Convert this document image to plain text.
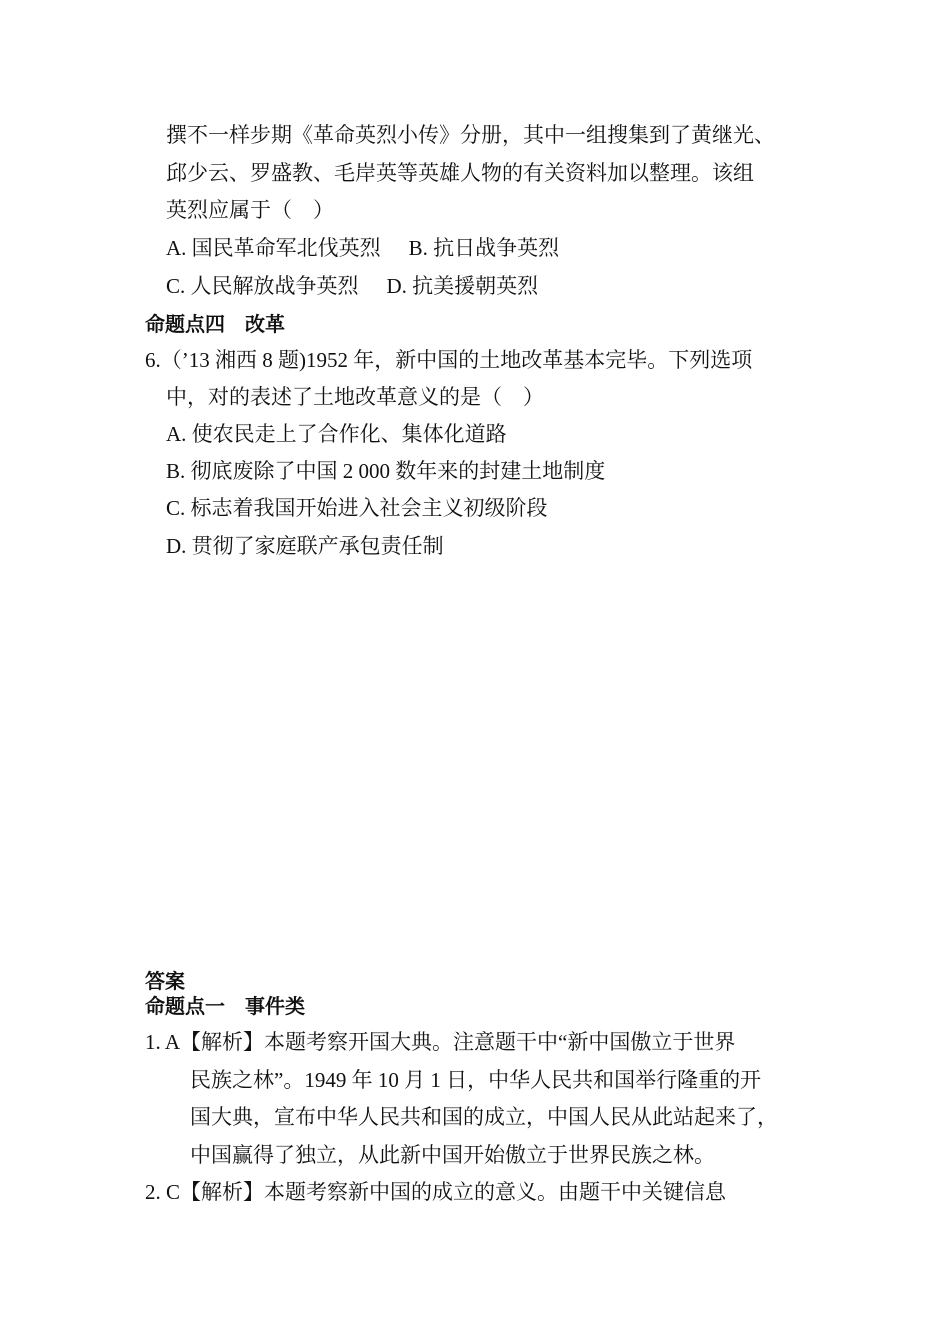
撰不一样步期《革命英烈小传》分册，其中一组搜集到了黄继光、
邱少云、罗盛教、毛岸英等英雄人物的有关资料加以整理。该组
英烈应属于（　）
A. 国民革命军北伐英烈 B. 抗日战争英烈
C. 人民解放战争英烈 D. 抗美援朝英烈
命题点四　改革
6.（’13 湘西 8 题)1952 年，新中国的土地改革基本完毕。下列选项
中，对的表述了土地改革意义的是（　）
A. 使农民走上了合作化、集体化道路
B. 彻底废除了中国 2 000 数年来的封建土地制度
C. 标志着我国开始进入社会主义初级阶段
D. 贯彻了家庭联产承包责任制
答案
命题点一　事件类
1. A【解析】本题考察开国大典。注意题干中“新中国傲立于世界
民族之林”。1949 年 10 月 1 日，中华人民共和国举行隆重的开
国大典，宣布中华人民共和国的成立，中国人民从此站起来了，
中国赢得了独立，从此新中国开始傲立于世界民族之林。
2. C【解析】本题考察新中国的成立的意义。由题干中关键信息
